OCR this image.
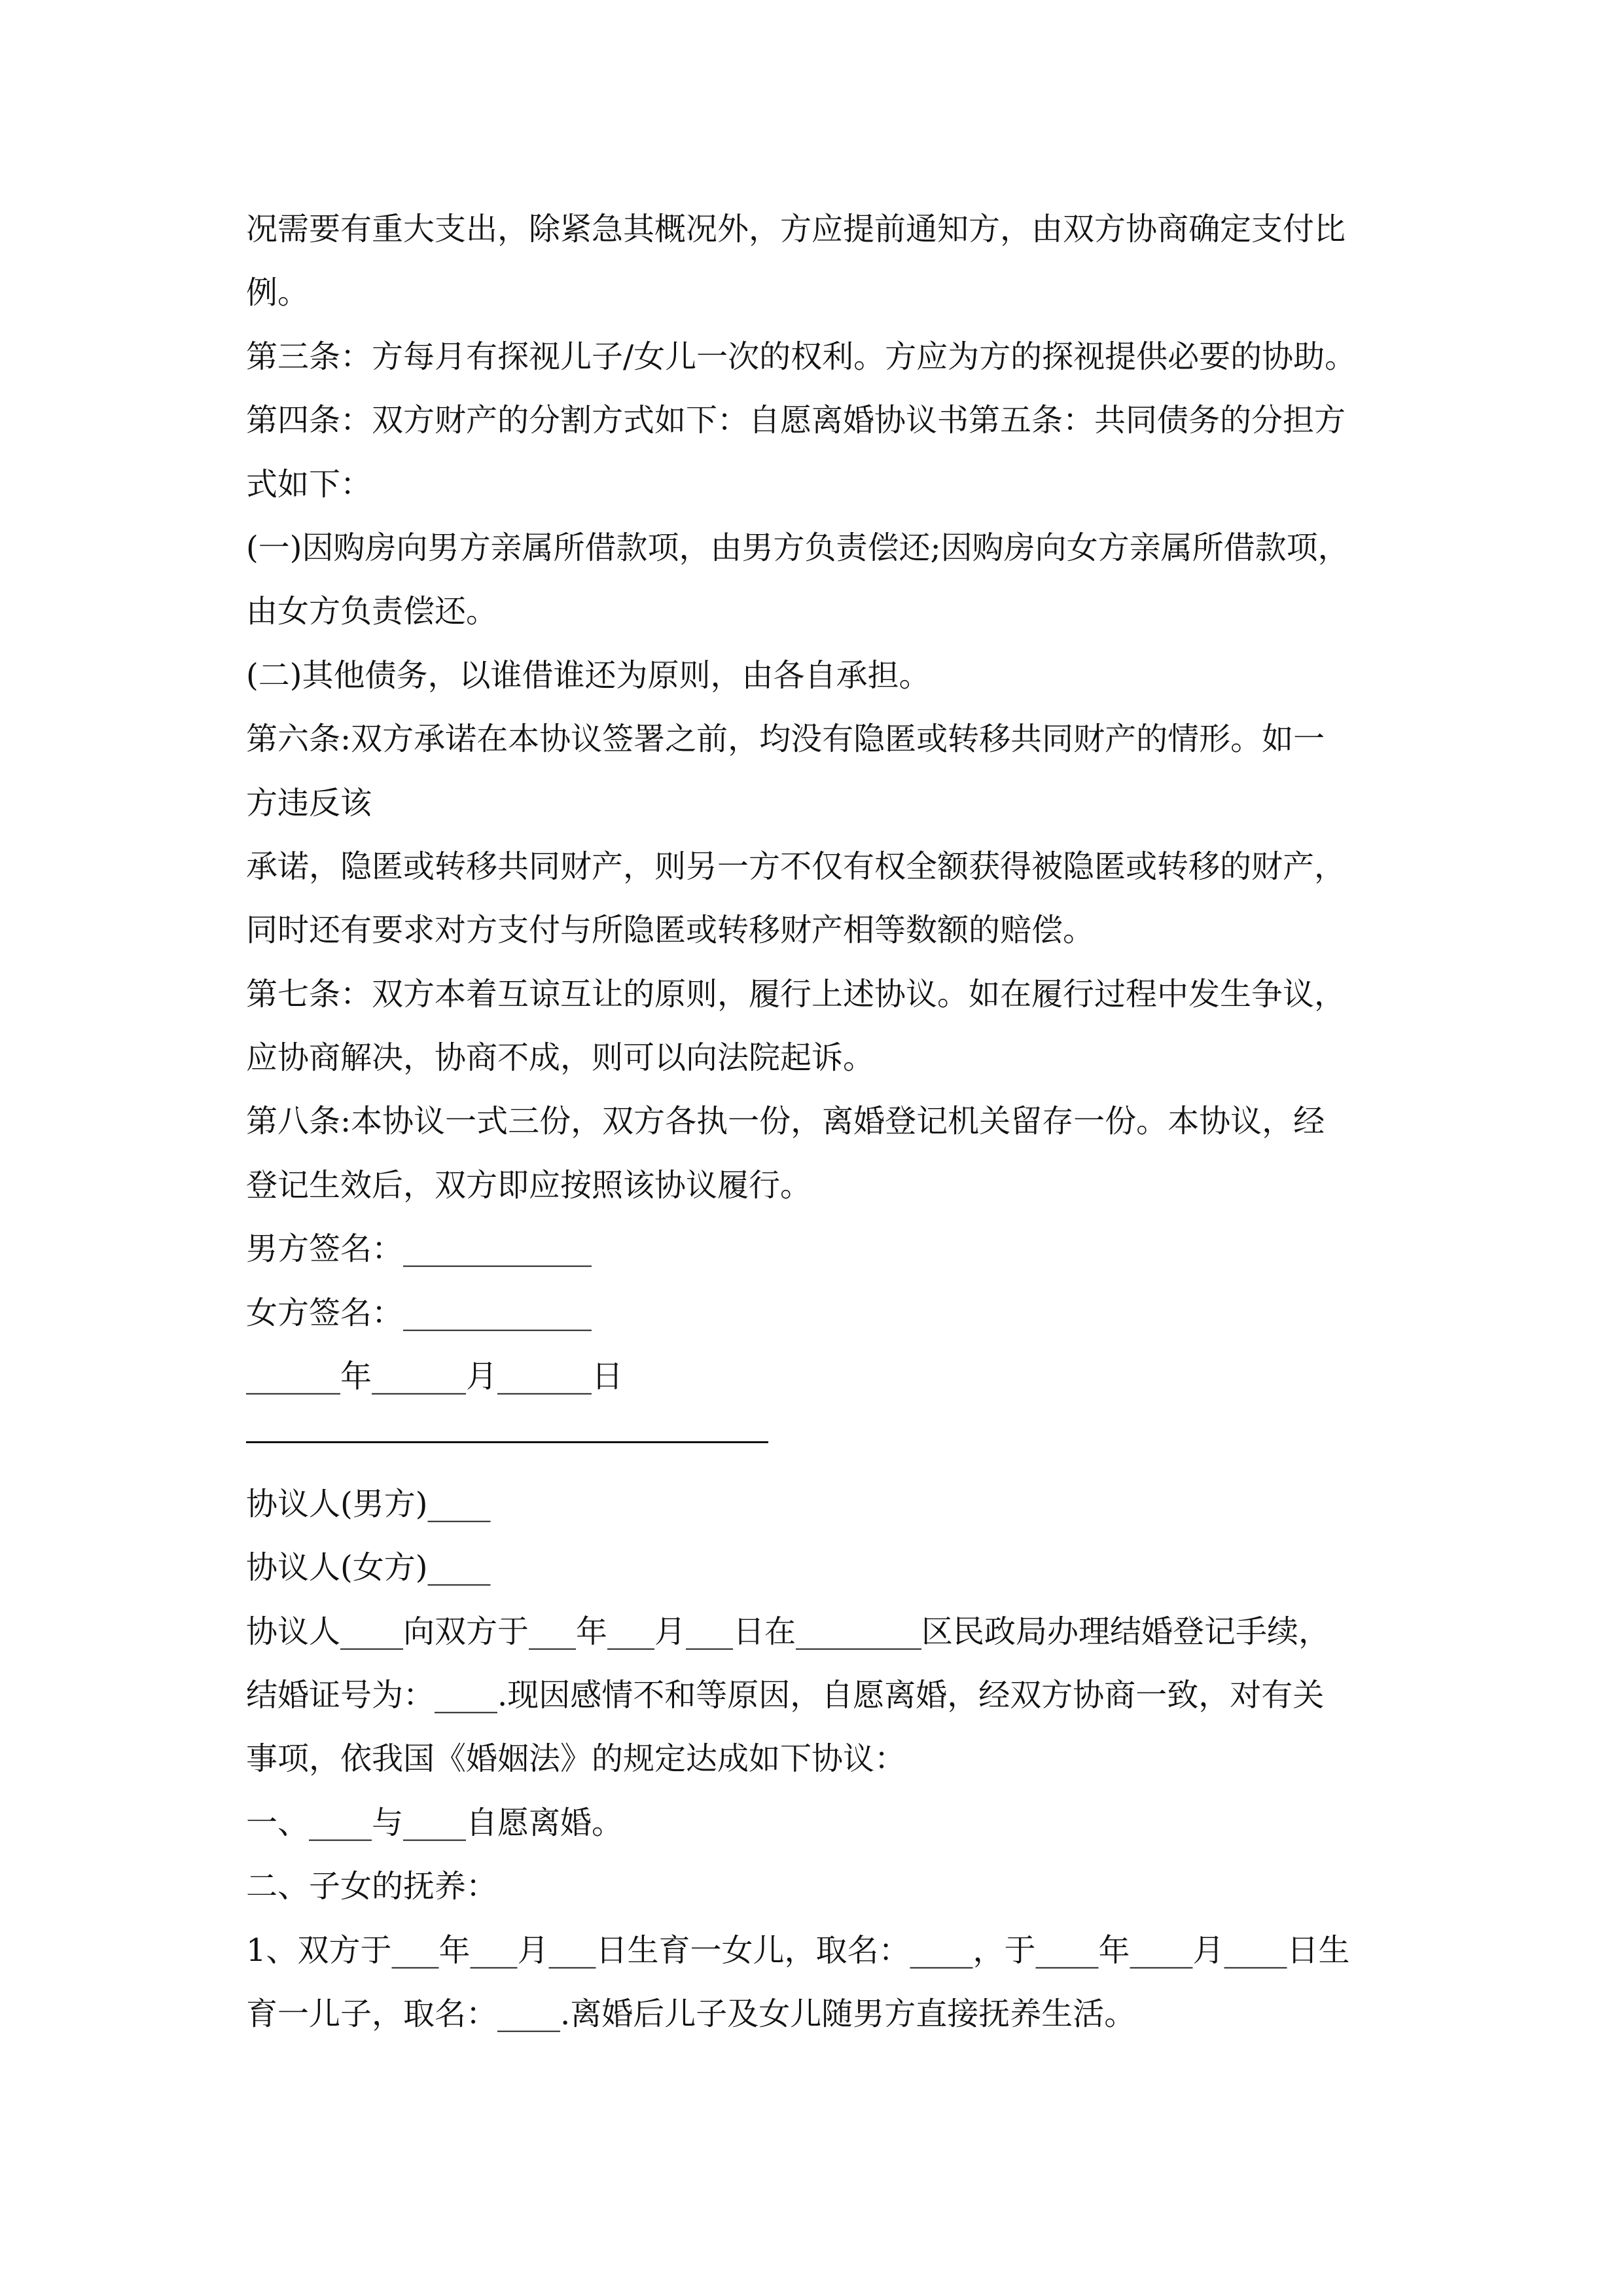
况需要有重大支出，除紧急其概况外，方应提前通知方，由双方协商确定支付比
例。
第三条：方每月有探视儿子/女儿一次的权利。方应为方的探视提供必要的协助。
第四条：双方财产的分割方式如下：自愿离婚协议书第五条：共同债务的分担方
式如下：
(一)因购房向男方亲属所借款项，由男方负责偿还;因购房向女方亲属所借款项，
由女方负责偿还。
(二)其他债务，以谁借谁还为原则，由各自承担。
第六条:双方承诺在本协议签署之前，均没有隐匿或转移共同财产的情形。如一
方违反该
承诺，隐匿或转移共同财产，则另一方不仅有权全额获得被隐匿或转移的财产，
同时还有要求对方支付与所隐匿或转移财产相等数额的赔偿。
第七条：双方本着互谅互让的原则，履行上述协议。如在履行过程中发生争议，
应协商解决，协商不成，则可以向法院起诉。
第八条:本协议一式三份，双方各执一份，离婚登记机关留存一份。本协议，经
登记生效后，双方即应按照该协议履行。
男方签名：____________
女方签名：____________
______年______月______日
协议人(男方)____
协议人(女方)____
协议人____向双方于___年___月___日在________区民政局办理结婚登记手续，
结婚证号为：____.现因感情不和等原因，自愿离婚，经双方协商一致，对有关
事项，依我国《婚姻法》的规定达成如下协议：
一、____与____自愿离婚。
二、子女的抚养：
1、双方于___年___月___日生育一女儿，取名：____，于____年____月____日生
育一儿子，取名：____.离婚后儿子及女儿随男方直接抚养生活。
